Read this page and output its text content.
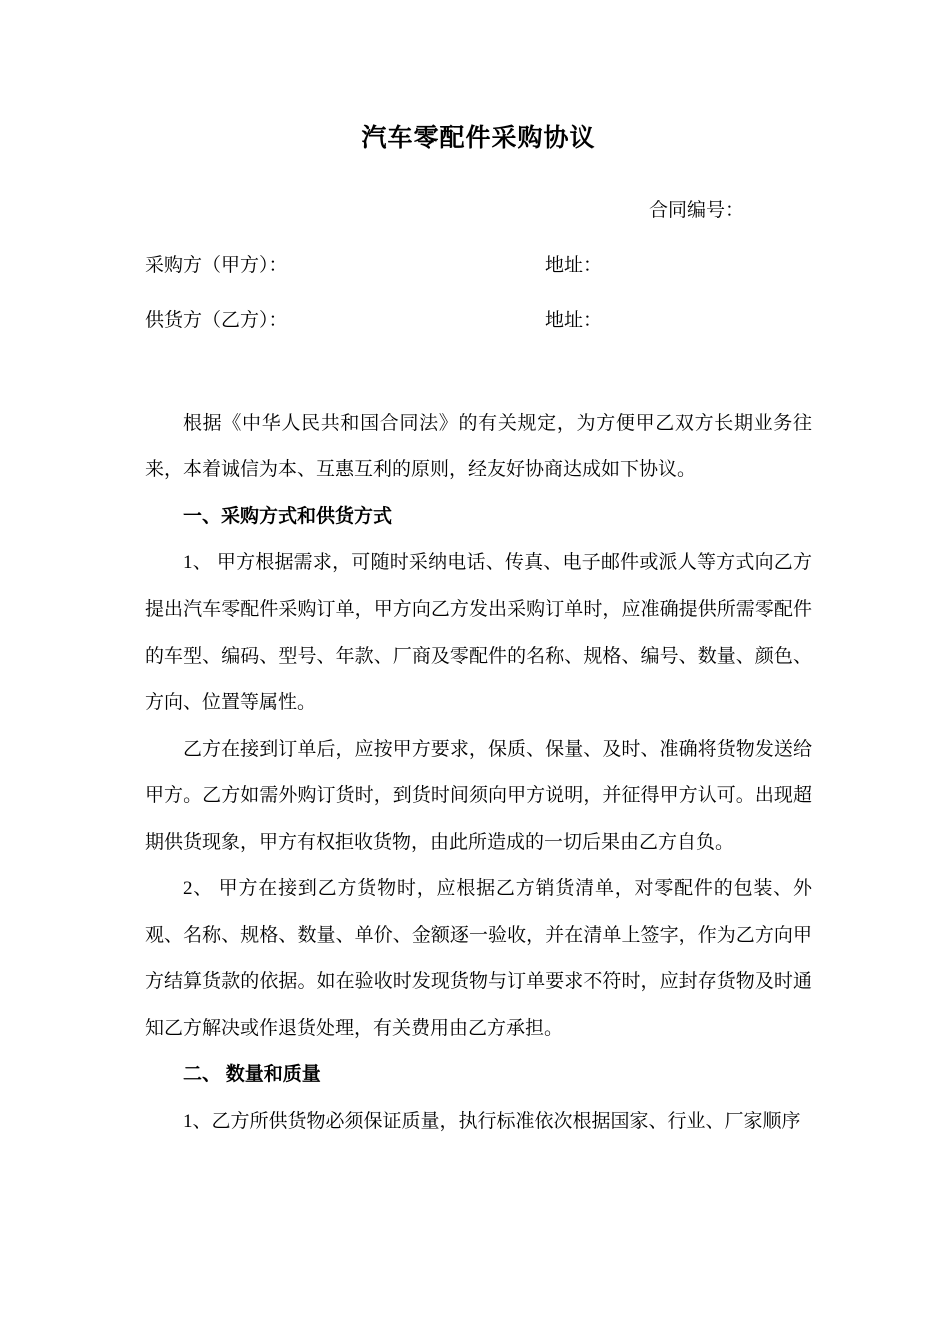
汽车零配件采购协议
合同编号：
采购方（甲方）：	地址：
供货方（乙方）：	地址：

根据《中华人民共和国合同法》的有关规定，为方便甲乙双方长期业务往来，本着诚信为本、互惠互利的原则，经友好协商达成如下协议。

一、采购方式和供货方式

1、 甲方根据需求，可随时采纳电话、传真、电子邮件或派人等方式向乙方提出汽车零配件采购订单，甲方向乙方发出采购订单时，应准确提供所需零配件的车型、编码、型号、年款、厂商及零配件的名称、规格、编号、数量、颜色、方向、位置等属性。

乙方在接到订单后，应按甲方要求，保质、保量、及时、准确将货物发送给甲方。乙方如需外购订货时，到货时间须向甲方说明，并征得甲方认可。出现超期供货现象，甲方有权拒收货物，由此所造成的一切后果由乙方自负。

2、 甲方在接到乙方货物时，应根据乙方销货清单，对零配件的包装、外观、名称、规格、数量、单价、金额逐一验收，并在清单上签字，作为乙方向甲方结算货款的依据。如在验收时发现货物与订单要求不符时，应封存货物及时通知乙方解决或作退货处理，有关费用由乙方承担。

二、 数量和质量

1、乙方所供货物必须保证质量，执行标准依次根据国家、行业、厂家顺序
